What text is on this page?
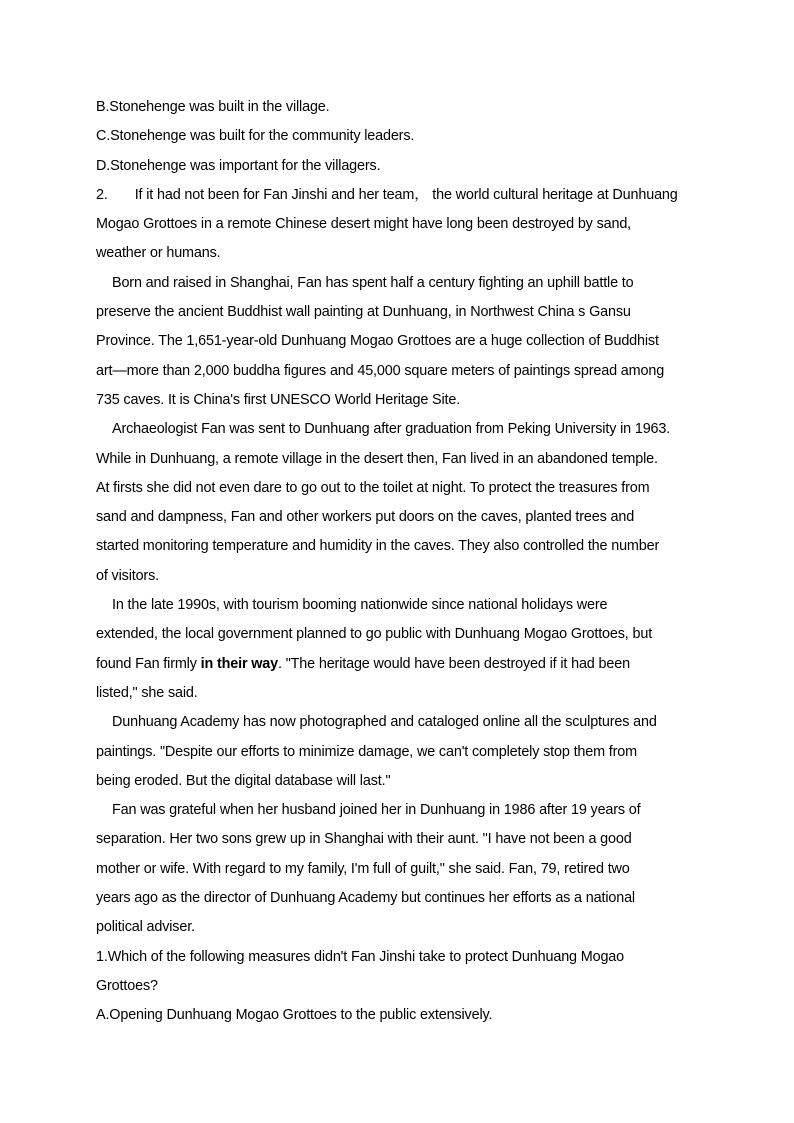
B.Stonehenge was built in the village.
C.Stonehenge was built for the community leaders.
D.Stonehenge was important for the villagers.
2. If it had not been for Fan Jinshi and her team， the world cultural heritage at Dunhuang
Mogao Grottoes in a remote Chinese desert might have long been destroyed by sand,
weather or humans.
Born and raised in Shanghai, Fan has spent half a century fighting an uphill battle to
preserve the ancient Buddhist wall painting at Dunhuang, in Northwest China s Gansu
Province. The 1,651-year-old Dunhuang Mogao Grottoes are a huge collection of Buddhist
art—more than 2,000 buddha figures and 45,000 square meters of paintings spread among
735 caves. It is China's first UNESCO World Heritage Site.
Archaeologist Fan was sent to Dunhuang after graduation from Peking University in 1963.
While in Dunhuang, a remote village in the desert then, Fan lived in an abandoned temple.
At firsts she did not even dare to go out to the toilet at night. To protect the treasures from
sand and dampness, Fan and other workers put doors on the caves, planted trees and
started monitoring temperature and humidity in the caves. They also controlled the number
of visitors.
In the late 1990s, with tourism booming nationwide since national holidays were
extended, the local government planned to go public with Dunhuang Mogao Grottoes, but
found Fan firmly in their way. "The heritage would have been destroyed if it had been
listed," she said.
Dunhuang Academy has now photographed and cataloged online all the sculptures and
paintings. "Despite our efforts to minimize damage, we can't completely stop them from
being eroded. But the digital database will last."
Fan was grateful when her husband joined her in Dunhuang in 1986 after 19 years of
separation. Her two sons grew up in Shanghai with their aunt. "I have not been a good
mother or wife. With regard to my family, I'm full of guilt," she said. Fan, 79, retired two
years ago as the director of Dunhuang Academy but continues her efforts as a national
political adviser.
1.Which of the following measures didn't Fan Jinshi take to protect Dunhuang Mogao
Grottoes?
A.Opening Dunhuang Mogao Grottoes to the public extensively.
